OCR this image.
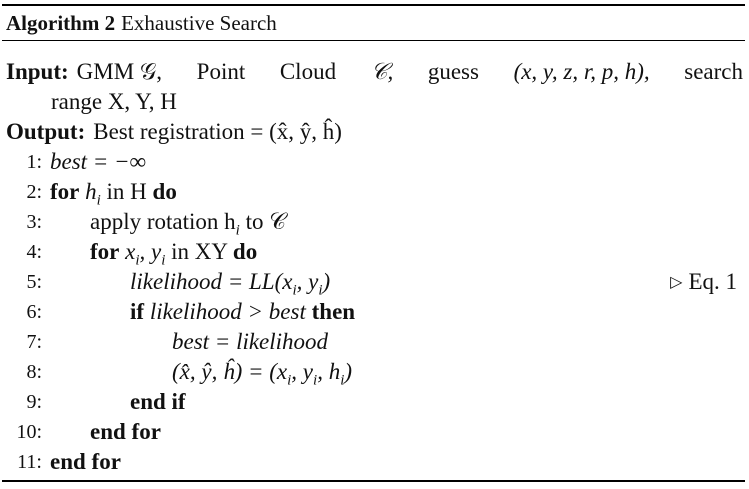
Algorithm 2 Exhaustive Search
Input: GMM 𝒢, Point Cloud 𝒞, guess (x, y, z, r, p, h), search
range X, Y, H
Output: Best registration = (x̂, ŷ, ĥ)
1: best = −∞
2: for $h_i$ in H do
3: apply rotation $h_i$ to 𝒞
4: for $x_i$, $y_i$ in XY do
5:	likelihood = $LL(x_i$, $y_i$)	▷ Eq. 1
6:	if likelihood > best then
7:	best = likelihood
8:	(x̂, ŷ, ĥ) = ($x_i$, $y_i$, $h_i$)
9:	end if
10: end for
11: end for
